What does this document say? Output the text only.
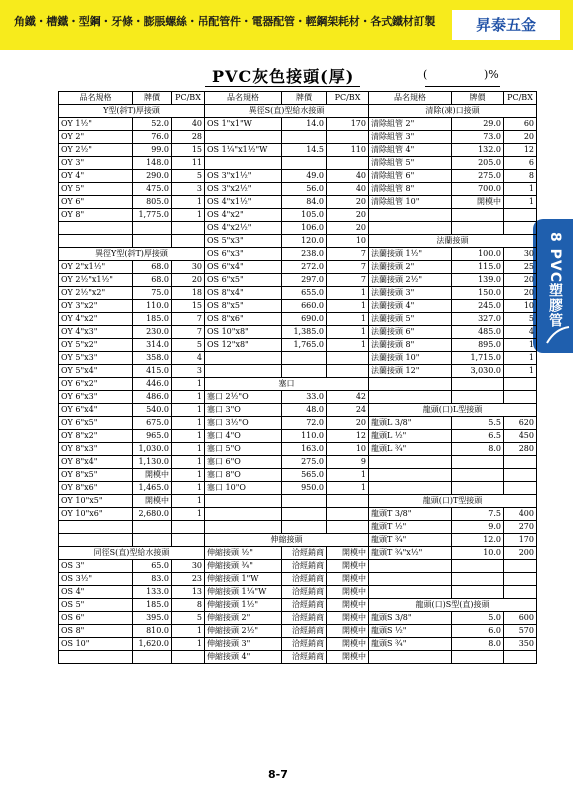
角鐵・槽鐵・型鋼・牙條・膨脹螺絲・吊配管件・電器配管・輕鋼架耗材・各式鐵材訂製	昇泰五金
PVC灰色接頭(厚)	(	)%
8 PVC塑膠管
品名規格	牌價	PC/BX	品名規格	牌價	PC/BX	品名規格	牌價	PC/BX
Y型(斜T)厚接頭			異徑S(直)型給水接頭			清除(凍)口接頭		
OY 1½"	52.0	40	OS 1"x1"W	14.0	170	清除組管 2"	29.0	60
OY 2"	76.0	28				清除組管 3"	73.0	20
OY 2½"	99.0	15	OS 1¼"x1½"W	14.5	110	清除組管 4"	132.0	12
OY 3"	148.0	11				清除組管 5"	205.0	6
OY 4"	290.0	5	OS 3"x1½"	49.0	40	清除組管 6"	275.0	8
OY 5"	475.0	3	OS 3"x2½"	56.0	40	清除組管 8"	700.0	1
OY 6"	805.0	1	OS 4"x1½"	84.0	20	清除組管 10"	開模中	1
OY 8"	1,775.0	1	OS 4"x2"	105.0	20			
			OS 4"x2½"	106.0	20			
			OS 5"x3"	120.0	10	法蘭接頭		
異徑Y型(斜T)厚接頭			OS 6"x3"	238.0	7	法蘭接頭 1½"	100.0	30
OY 2"x1½"	68.0	30	OS 6"x4"	272.0	7	法蘭接頭 2"	115.0	25
OY 2½"x1½"	68.0	20	OS 6"x5"	297.0	7	法蘭接頭 2½"	139.0	20
OY 2½"x2"	75.0	18	OS 8"x4"	655.0	1	法蘭接頭 3"	150.0	20
OY 3"x2"	110.0	15	OS 8"x5"	660.0	1	法蘭接頭 4"	245.0	10
OY 4"x2"	185.0	7	OS 8"x6"	690.0	1	法蘭接頭 5"	327.0	5
OY 4"x3"	230.0	7	OS 10"x8"	1,385.0	1	法蘭接頭 6"	485.0	4
OY 5"x2"	314.0	5	OS 12"x8"	1,765.0	1	法蘭接頭 8"	895.0	1
OY 5"x3"	358.0	4				法蘭接頭 10"	1,715.0	1
OY 5"x4"	415.0	3				法蘭接頭 12"	3,030.0	1
OY 6"x2"	446.0	1	塞口					
OY 6"x3"	486.0	1	塞口 2½"O	33.0	42			
OY 6"x4"	540.0	1	塞口 3"O	48.0	24	龍頭(口)L型接頭		
OY 6"x5"	675.0	1	塞口 3½"O	72.0	20	龍頭L 3/8"	5.5	620
OY 8"x2"	965.0	1	塞口 4"O	110.0	12	龍頭L ½"	6.5	450
OY 8"x3"	1,030.0	1	塞口 5"O	163.0	10	龍頭L ¾"	8.0	280
OY 8"x4"	1,130.0	1	塞口 6"O	275.0	9			
OY 8"x5"	開模中	1	塞口 8"O	565.0	1			
OY 8"x6"	1,465.0	1	塞口 10"O	950.0	1			
OY 10"x5"	開模中	1				龍頭(口)T型接頭		
OY 10"x6"	2,680.0	1				龍頭T 3/8"	7.5	400
						龍頭T ½"	9.0	270
			伸縮接頭			龍頭T ¾"	12.0	170
同徑S(直)型給水接頭			伸縮接頭 ½"	洽經銷商	開模中	龍頭T ¾"x½"	10.0	200
OS 3"	65.0	30	伸縮接頭 ¾"	洽經銷商	開模中			
OS 3½"	83.0	23	伸縮接頭 1"W	洽經銷商	開模中			
OS 4"	133.0	13	伸縮接頭 1¼"W	洽經銷商	開模中			
OS 5"	185.0	8	伸縮接頭 1½"	洽經銷商	開模中	龍頭(口)S型(直)接頭		
OS 6"	395.0	5	伸縮接頭 2"	洽經銷商	開模中	龍頭S 3/8"	5.0	600
OS 8"	810.0	1	伸縮接頭 2½"	洽經銷商	開模中	龍頭S ½"	6.0	570
OS 10"	1,620.0	1	伸縮接頭 3"	洽經銷商	開模中	龍頭S ¾"	8.0	350
			伸縮接頭 4"	洽經銷商	開模中			
8-7
